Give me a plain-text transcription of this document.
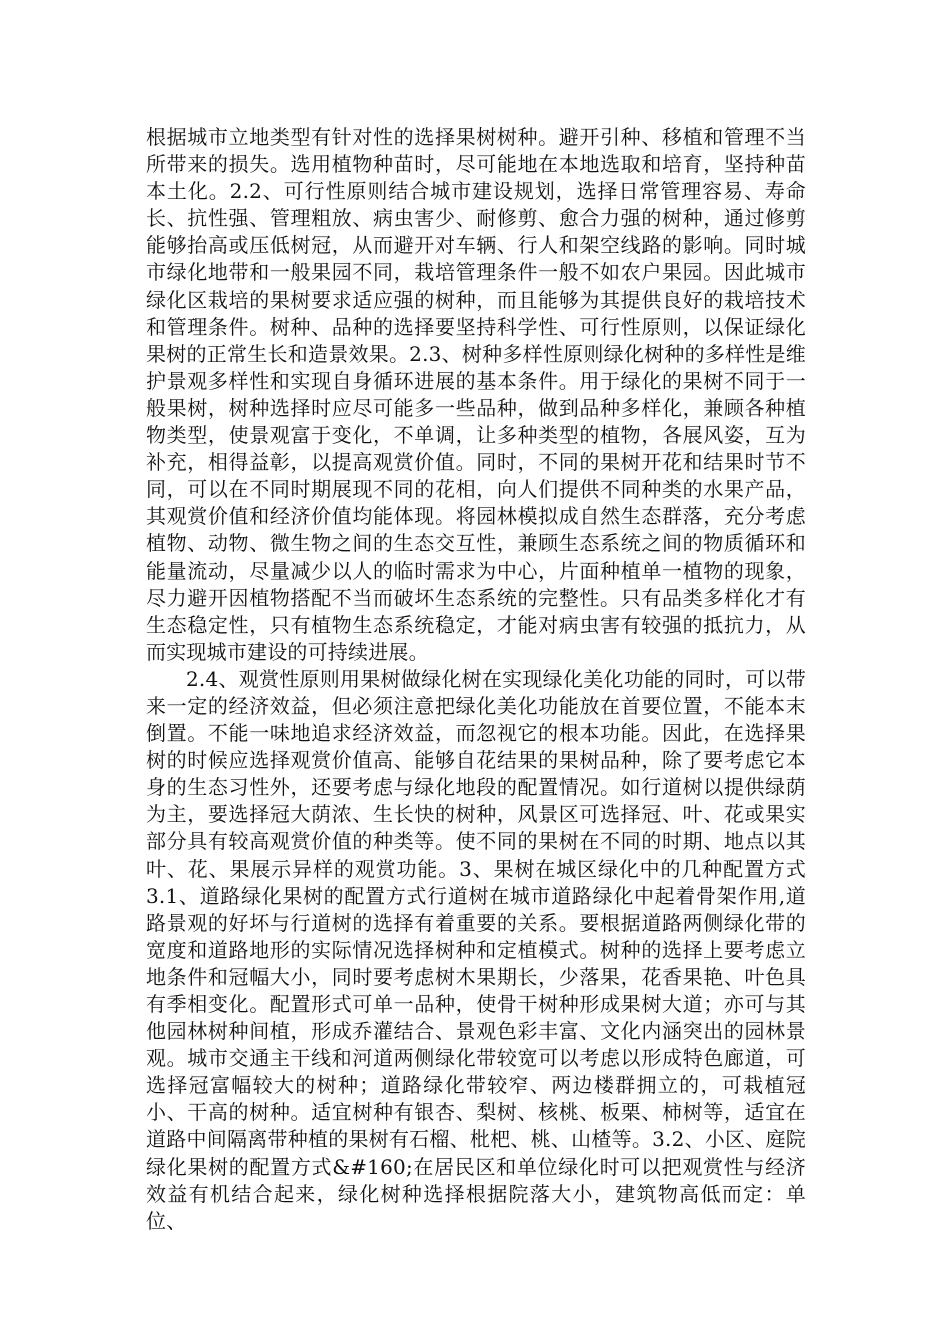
根据城市立地类型有针对性的选择果树树种。避开引种、移植和管理不当所带来的损失。选用植物种苗时，尽可能地在本地选取和培育，坚持种苗本土化。2.2、可行性原则结合城市建设规划，选择日常管理容易、寿命长、抗性强、管理粗放、病虫害少、耐修剪、愈合力强的树种，通过修剪能够抬高或压低树冠，从而避开对车辆、行人和架空线路的影响。同时城市绿化地带和一般果园不同，栽培管理条件一般不如农户果园。因此城市绿化区栽培的果树要求适应强的树种，而且能够为其提供良好的栽培技术和管理条件。树种、品种的选择要坚持科学性、可行性原则，以保证绿化果树的正常生长和造景效果。2.3、树种多样性原则绿化树种的多样性是维护景观多样性和实现自身循环进展的基本条件。用于绿化的果树不同于一般果树，树种选择时应尽可能多一些品种，做到品种多样化，兼顾各种植物类型，使景观富于变化，不单调，让多种类型的植物，各展风姿，互为补充，相得益彰，以提高观赏价值。同时，不同的果树开花和结果时节不同，可以在不同时期展现不同的花相，向人们提供不同种类的水果产品，其观赏价值和经济价值均能体现。将园林模拟成自然生态群落，充分考虑植物、动物、微生物之间的生态交互性，兼顾生态系统之间的物质循环和能量流动，尽量减少以人的临时需求为中心，片面种植单一植物的现象，尽力避开因植物搭配不当而破坏生态系统的完整性。只有品类多样化才有生态稳定性，只有植物生态系统稳定，才能对病虫害有较强的抵抗力，从而实现城市建设的可持续进展。

2.4、观赏性原则用果树做绿化树在实现绿化美化功能的同时，可以带来一定的经济效益，但必须注意把绿化美化功能放在首要位置，不能本末倒置。不能一味地追求经济效益，而忽视它的根本功能。因此，在选择果树的时候应选择观赏价值高、能够自花结果的果树品种，除了要考虑它本身的生态习性外，还要考虑与绿化地段的配置情况。如行道树以提供绿荫为主，要选择冠大荫浓、生长快的树种，风景区可选择冠、叶、花或果实部分具有较高观赏价值的种类等。使不同的果树在不同的时期、地点以其叶、花、果展示异样的观赏功能。3、果树在城区绿化中的几种配置方式3.1、道路绿化果树的配置方式行道树在城市道路绿化中起着骨架作用,道路景观的好坏与行道树的选择有着重要的关系。要根据道路两侧绿化带的宽度和道路地形的实际情况选择树种和定植模式。树种的选择上要考虑立地条件和冠幅大小，同时要考虑树木果期长，少落果，花香果艳、叶色具有季相变化。配置形式可单一品种，使骨干树种形成果树大道；亦可与其他园林树种间植，形成乔灌结合、景观色彩丰富、文化内涵突出的园林景观。城市交通主干线和河道两侧绿化带较宽可以考虑以形成特色廊道，可选择冠富幅较大的树种；道路绿化带较窄、两边楼群拥立的，可栽植冠小、干高的树种。适宜树种有银杏、梨树、核桃、板栗、柿树等，适宜在道路中间隔离带种植的果树有石榴、枇杷、桃、山楂等。3.2、小区、庭院绿化果树的配置方式&#160;在居民区和单位绿化时可以把观赏性与经济效益有机结合起来，绿化树种选择根据院落大小，建筑物高低而定：单位、
